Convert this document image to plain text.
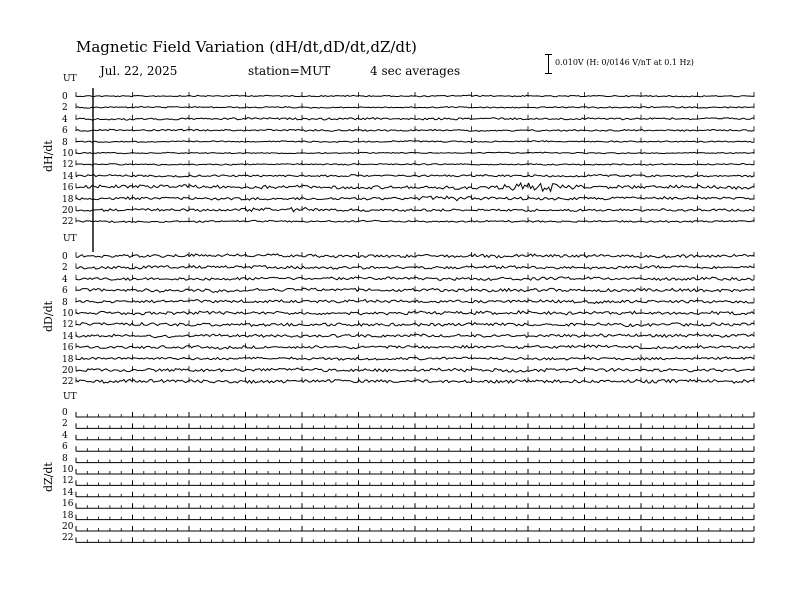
Magnetic Field Variation (dH/dt,dD/dt,dZ/dt)
Jul. 22, 2025	station=MUT	4 sec averages
0.010V (H: 0/0146 V/nT at 0.1 Hz)
UT
UT
UT
dH/dt
dD/dt
dZ/dt
0
2
4
6
8
10
12
14
16
18
20
22
0
2
4
6
8
10
12
14
16
18
20
22
0
2
4
6
8
10
12
14
16
18
20
22
